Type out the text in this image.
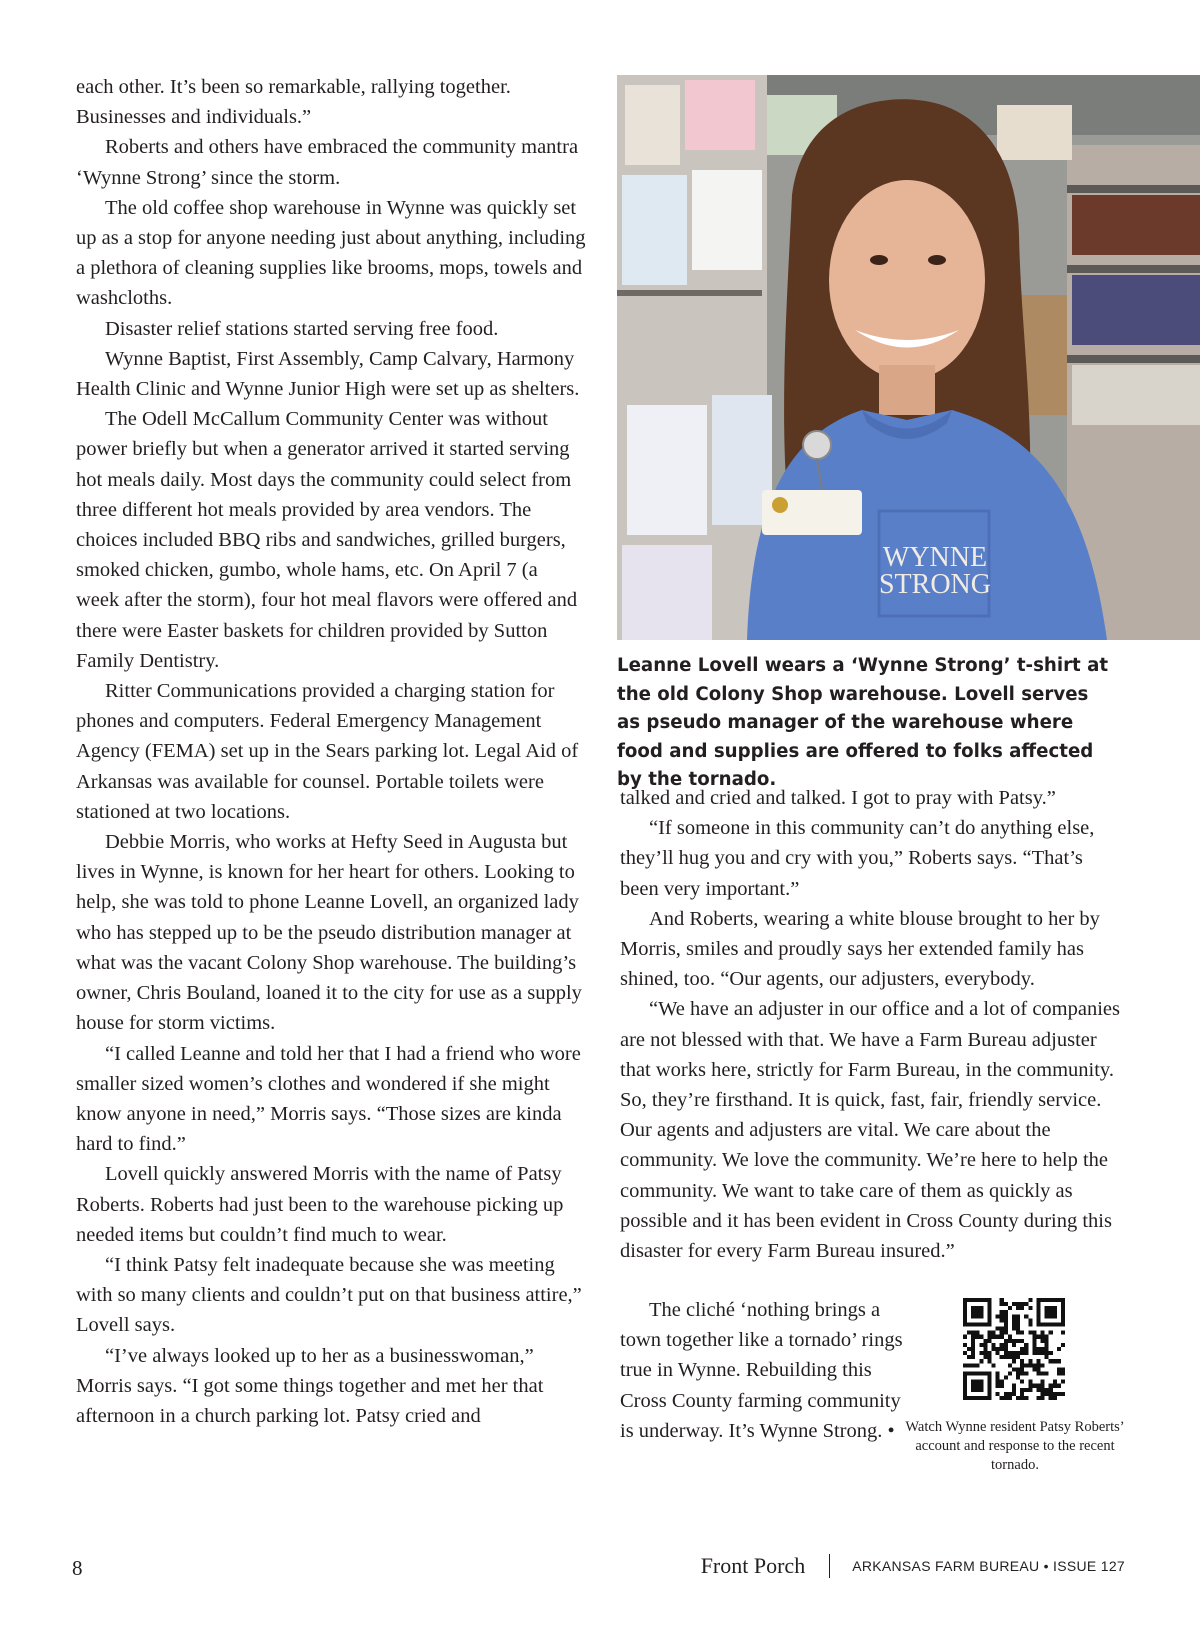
each other. It’s been so remarkable, rallying together. Businesses and individuals.”

Roberts and others have embraced the community mantra ‘Wynne Strong’ since the storm.

The old coffee shop warehouse in Wynne was quickly set up as a stop for anyone needing just about anything, including a plethora of cleaning supplies like brooms, mops, towels and washcloths.

Disaster relief stations started serving free food.

Wynne Baptist, First Assembly, Camp Calvary, Harmony Health Clinic and Wynne Junior High were set up as shelters.

The Odell McCallum Community Center was without power briefly but when a generator arrived it started serving hot meals daily. Most days the community could select from three different hot meals provided by area vendors. The choices included BBQ ribs and sandwiches, grilled burgers, smoked chicken, gumbo, whole hams, etc. On April 7 (a week after the storm), four hot meal flavors were offered and there were Easter baskets for children provided by Sutton Family Dentistry.

Ritter Communications provided a charging station for phones and computers. Federal Emergency Management Agency (FEMA) set up in the Sears parking lot. Legal Aid of Arkansas was available for counsel. Portable toilets were stationed at two locations.

Debbie Morris, who works at Hefty Seed in Augusta but lives in Wynne, is known for her heart for others. Looking to help, she was told to phone Leanne Lovell, an organized lady who has stepped up to be the pseudo distribution manager at what was the vacant Colony Shop warehouse. The building’s owner, Chris Bouland, loaned it to the city for use as a supply house for storm victims.

“I called Leanne and told her that I had a friend who wore smaller sized women’s clothes and wondered if she might know anyone in need,” Morris says. “Those sizes are kinda hard to find.”

Lovell quickly answered Morris with the name of Patsy Roberts. Roberts had just been to the warehouse picking up needed items but couldn’t find much to wear.

“I think Patsy felt inadequate because she was meeting with so many clients and couldn’t put on that business attire,” Lovell says.

“I’ve always looked up to her as a businesswoman,” Morris says. “I got some things together and met her that afternoon in a church parking lot. Patsy cried and

WYNNE
STRONG
Leanne Lovell wears a ‘Wynne Strong’ t-shirt at the old Colony Shop warehouse. Lovell serves as pseudo manager of the warehouse where food and supplies are offered to folks affected by the tornado.

talked and cried and talked. I got to pray with Patsy.”

“If someone in this community can’t do anything else, they’ll hug you and cry with you,” Roberts says. “That’s been very important.”

And Roberts, wearing a white blouse brought to her by Morris, smiles and proudly says her extended family has shined, too. “Our agents, our adjusters, everybody.

“We have an adjuster in our office and a lot of companies are not blessed with that. We have a Farm Bureau adjuster that works here, strictly for Farm Bureau, in the community. So, they’re firsthand. It is quick, fast, fair, friendly service. Our agents and adjusters are vital. We care about the community. We love the community. We’re here to help the community. We want to take care of them as quickly as possible and it has been evident in Cross County during this disaster for every Farm Bureau insured.”

The cliché ‘nothing brings a town together like a tornado’ rings true in Wynne. Rebuilding this Cross County farming community is underway. It’s Wynne Strong. • Watch Wynne resident Patsy Roberts’ account and response to the recent tornado.
8	Front Porch	ARKANSAS FARM BUREAU • ISSUE 127
